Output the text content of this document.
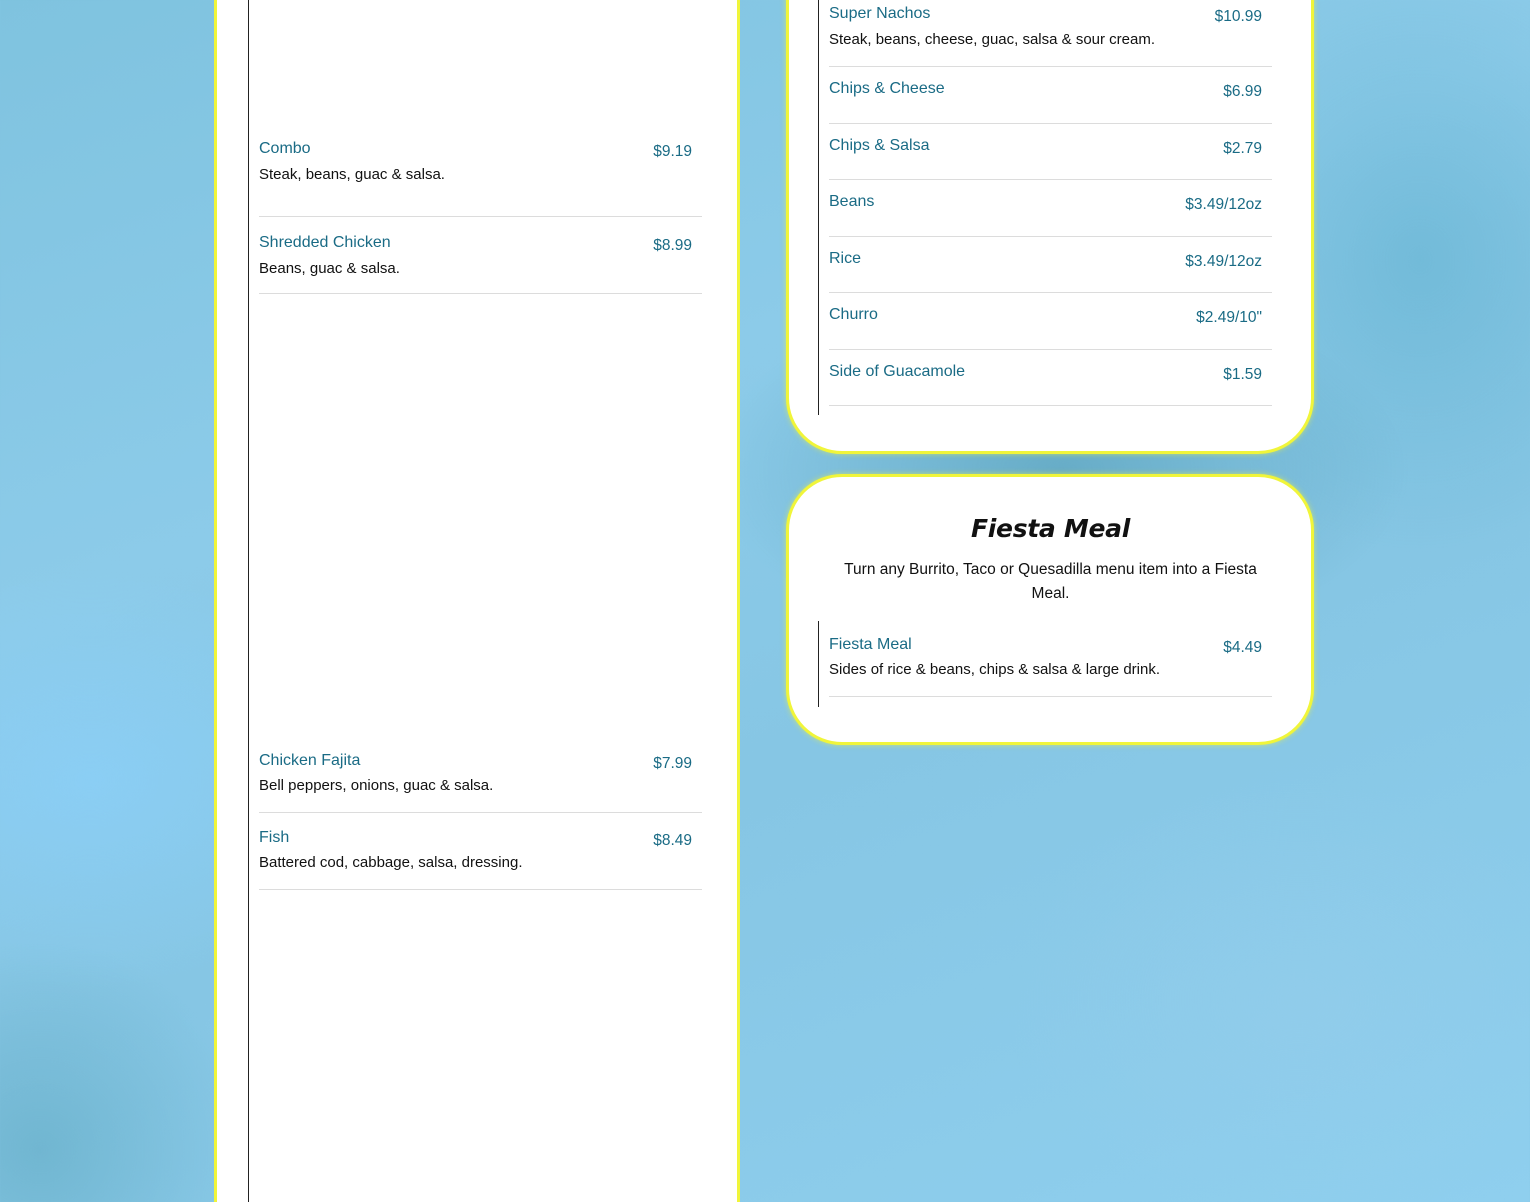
Combo	$9.19
Steak, beans, guac & salsa.
Shredded Chicken	$8.99
Beans, guac & salsa.
Chicken Fajita	$7.99
Bell peppers, onions, guac & salsa.
Fish	$8.49
Battered cod, cabbage, salsa, dressing.
Super Nachos	$10.99
Steak, beans, cheese, guac, salsa & sour cream.
Chips & Cheese	$6.99
Chips & Salsa	$2.79
Beans	$3.49/12oz
Rice	$3.49/12oz
Churro	$2.49/10"
Side of Guacamole	$1.59
Fiesta Meal
Turn any Burrito, Taco or Quesadilla menu item into a Fiesta Meal.
Fiesta Meal	$4.49
Sides of rice & beans, chips & salsa & large drink.
